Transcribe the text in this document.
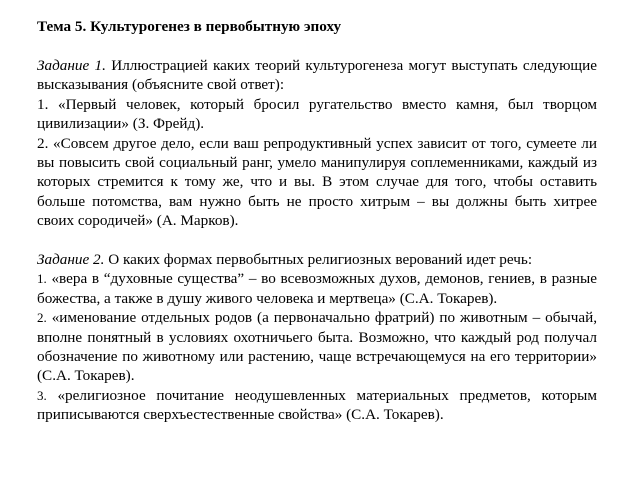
Тема 5. Культурогенез в первобытную эпоху

Задание 1. Иллюстрацией каких теорий культурогенеза могут выступать следующие высказывания (объясните свой ответ):

1. «Первый человек, который бросил ругательство вместо камня, был творцом цивилизации» (З. Фрейд).

2. «Совсем другое дело, если ваш репродуктивный успех зависит от того, сумеете ли вы повысить свой социальный ранг, умело манипулируя соплеменниками, каждый из которых стремится к тому же, что и вы. В этом случае для того, чтобы оставить больше потомства, вам нужно быть не просто хитрым – вы должны быть хитрее своих сородичей» (А. Марков).

Задание 2. О каких формах первобытных религиозных верований идет речь:

1. «вера в “духовные существа” – во всевозможных духов, демонов, гениев, в разные божества, а также в душу живого человека и мертвеца» (С.А. Токарев).

2. «именование отдельных родов (а первоначально фратрий) по животным – обычай, вполне понятный в условиях охотничьего быта. Возможно, что каждый род получал обозначение по животному или растению, чаще встречающемуся на его территории» (С.А. Токарев).

3. «религиозное почитание неодушевленных материальных предметов, которым приписываются сверхъестественные свойства» (С.А. Токарев).
